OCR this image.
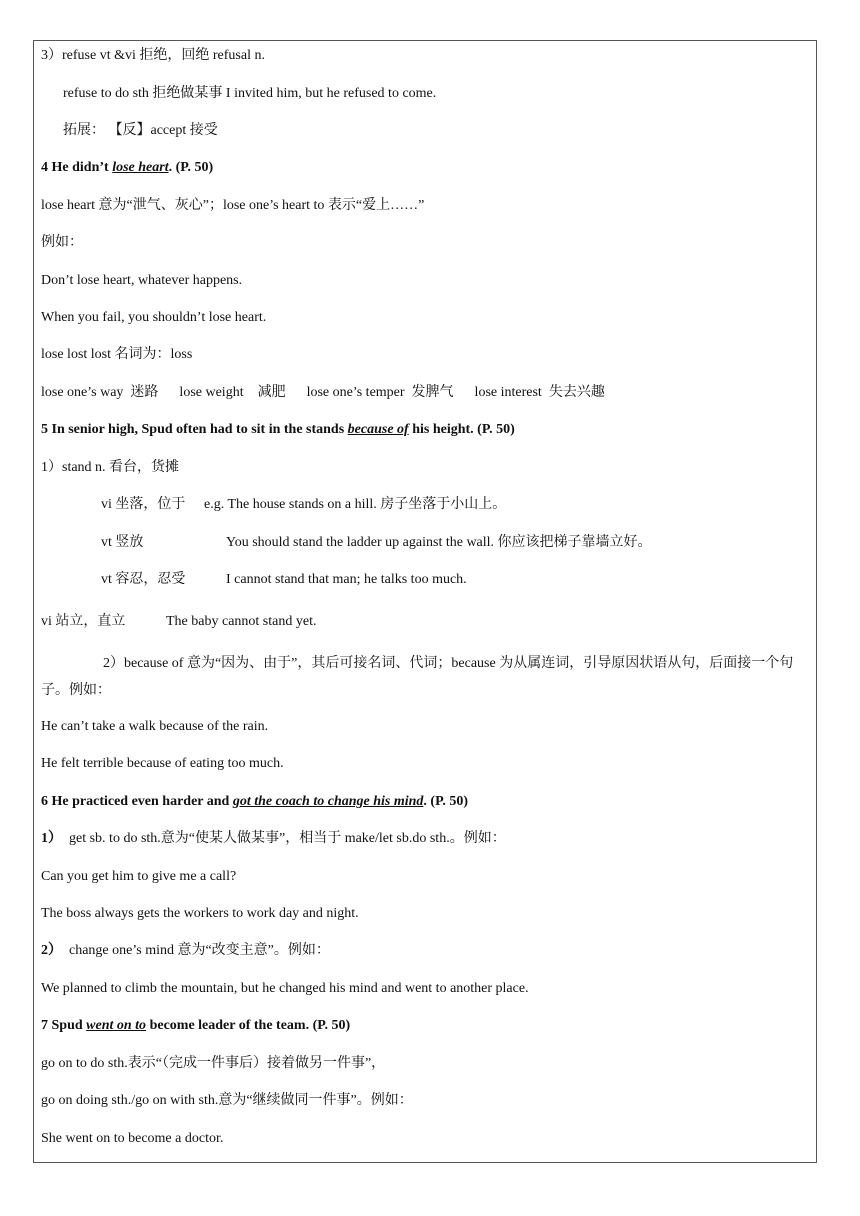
3）refuse vt &vi 拒绝，回绝 refusal n.
refuse to do sth 拒绝做某事 I invited him, but he refused to come.
拓展： 【反】accept 接受
4 He didn’t lose heart. (P. 50)
lose heart 意为“泄气、灰心”；lose one’s heart to 表示“爱上……”
例如：
Don’t lose heart, whatever happens.
When you fail, you shouldn’t lose heart.
lose lost lost 名词为：loss
lose one’s way  迷路      lose weight    减肥      lose one’s temper  发脾气      lose interest  失去兴趣
5 In senior high, Spud often had to sit in the stands because of his height. (P. 50)
1）stand n. 看台，货摊
vi 坐落，位于 e.g. The house stands on a hill. 房子坐落于小山上。
vt 竖放	You should stand the ladder up against the wall. 你应该把梯子靠墙立好。
vt 容忍，忍受	I cannot stand that man; he talks too much.
vi 站立，直立	The baby cannot stand yet.
2）because of 意为“因为、由于”，其后可接名词、代词；because 为从属连词，引导原因状语从句，后面接一个句子。例如：
He can’t take a walk because of the rain.
He felt terrible because of eating too much.
6 He practiced even harder and got the coach to change his mind. (P. 50)
1）  get sb. to do sth.意为“使某人做某事”，相当于 make/let sb.do sth.。例如：
Can you get him to give me a call?
The boss always gets the workers to work day and night.
2）  change one’s mind 意为“改变主意”。例如：
We planned to climb the mountain, but he changed his mind and went to another place.
7 Spud went on to become leader of the team. (P. 50)
go on to do sth.表示“（完成一件事后）接着做另一件事”，
go on doing sth./go on with sth.意为“继续做同一件事”。例如：
She went on to become a doctor.
